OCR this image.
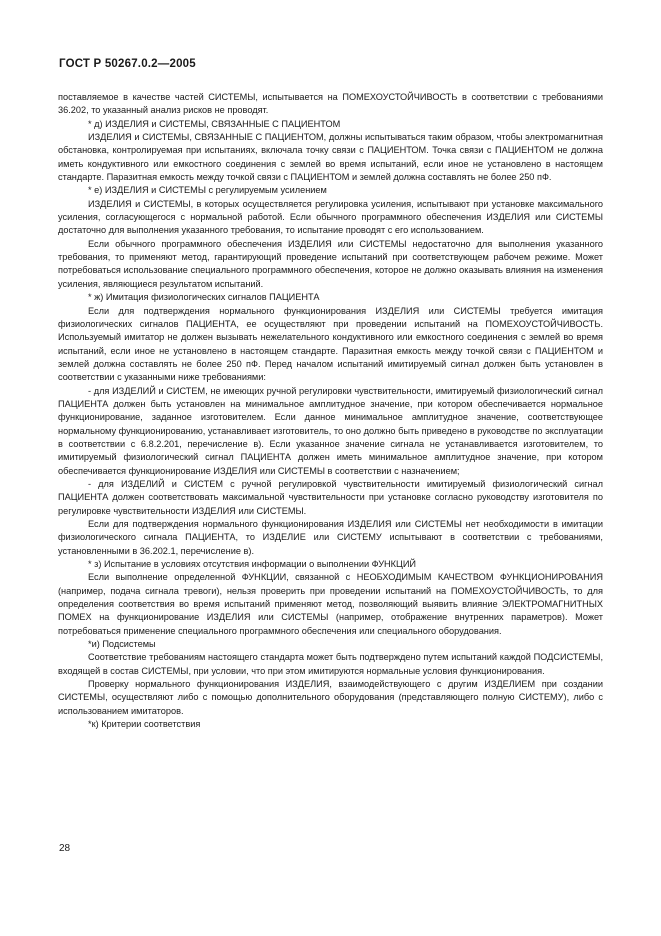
ГОСТ Р 50267.0.2—2005

поставляемое в качестве частей СИСТЕМЫ, испытывается на ПОМЕХОУСТОЙЧИВОСТЬ в соответствии с требованиями 36.202, то указанный анализ рисков не проводят.

* д) ИЗДЕЛИЯ и СИСТЕМЫ, СВЯЗАННЫЕ С ПАЦИЕНТОМ

ИЗДЕЛИЯ и СИСТЕМЫ, СВЯЗАННЫЕ С ПАЦИЕНТОМ, должны испытываться таким образом, чтобы электромагнитная обстановка, контролируемая при испытаниях, включала точку связи с ПАЦИЕНТОМ. Точка связи с ПАЦИЕНТОМ не должна иметь кондуктивного или емкостного соединения с землей во время испытаний, если иное не установлено в настоящем стандарте. Паразитная емкость между точкой связи с ПАЦИЕНТОМ и землей должна составлять не более 250 пФ.

* е) ИЗДЕЛИЯ и СИСТЕМЫ с регулируемым усилением

ИЗДЕЛИЯ и СИСТЕМЫ, в которых осуществляется регулировка усиления, испытывают при установке максимального усиления, согласующегося с нормальной работой. Если обычного программного обеспечения ИЗДЕЛИЯ или СИСТЕМЫ достаточно для выполнения указанного требования, то испытание проводят с его использованием.

Если обычного программного обеспечения ИЗДЕЛИЯ или СИСТЕМЫ недостаточно для выполнения указанного требования, то применяют метод, гарантирующий проведение испытаний при соответствующем рабочем режиме. Может потребоваться использование специального программного обеспечения, которое не должно оказывать влияния на изменения усиления, являющиеся результатом испытаний.

* ж) Имитация физиологических сигналов ПАЦИЕНТА

Если для подтверждения нормального функционирования ИЗДЕЛИЯ или СИСТЕМЫ требуется имитация физиологических сигналов ПАЦИЕНТА, ее осуществляют при проведении испытаний на ПОМЕХОУСТОЙЧИВОСТЬ. Используемый имитатор не должен вызывать нежелательного кондуктивного или емкостного соединения с землей во время испытаний, если иное не установлено в настоящем стандарте. Паразитная емкость между точкой связи с ПАЦИЕНТОМ и землей должна составлять не более 250 пФ. Перед началом испытаний имитируемый сигнал должен быть установлен в соответствии с указанными ниже требованиями:

- для ИЗДЕЛИЙ и СИСТЕМ, не имеющих ручной регулировки чувствительности, имитируемый физиологический сигнал ПАЦИЕНТА должен быть установлен на минимальное амплитудное значение, при котором обеспечивается нормальное функционирование, заданное изготовителем. Если данное минимальное амплитудное значение, соответствующее нормальному функционированию, устанавливает изготовитель, то оно должно быть приведено в руководстве по эксплуатации в соответствии с 6.8.2.201, перечисление в). Если указанное значение сигнала не устанавливается изготовителем, то имитируемый физиологический сигнал ПАЦИЕНТА должен иметь минимальное амплитудное значение, при котором обеспечивается функционирование ИЗДЕЛИЯ или СИСТЕМЫ в соответствии с назначением;

- для ИЗДЕЛИЙ и СИСТЕМ с ручной регулировкой чувствительности имитируемый физиологический сигнал ПАЦИЕНТА должен соответствовать максимальной чувствительности при установке согласно руководству изготовителя по регулировке чувствительности ИЗДЕЛИЯ или СИСТЕМЫ.

Если для подтверждения нормального функционирования ИЗДЕЛИЯ или СИСТЕМЫ нет необходимости в имитации физиологического сигнала ПАЦИЕНТА, то ИЗДЕЛИЕ или СИСТЕМУ испытывают в соответствии с требованиями, установленными в 36.202.1, перечисление в).

* з) Испытание в условиях отсутствия информации о выполнении ФУНКЦИЙ

Если выполнение определенной ФУНКЦИИ, связанной с НЕОБХОДИМЫМ КАЧЕСТВОМ ФУНКЦИОНИРОВАНИЯ (например, подача сигнала тревоги), нельзя проверить при проведении испытаний на ПОМЕХОУСТОЙЧИВОСТЬ, то для определения соответствия во время испытаний применяют метод, позволяющий выявить влияние ЭЛЕКТРОМАГНИТНЫХ ПОМЕХ на функционирование ИЗДЕЛИЯ или СИСТЕМЫ (например, отображение внутренних параметров). Может потребоваться применение специального программного обеспечения или специального оборудования.

*и) Подсистемы

Соответствие требованиям настоящего стандарта может быть подтверждено путем испытаний каждой ПОДСИСТЕМЫ, входящей в состав СИСТЕМЫ, при условии, что при этом имитируются нормальные условия функционирования.

Проверку нормального функционирования ИЗДЕЛИЯ, взаимодействующего с другим ИЗДЕЛИЕМ при создании СИСТЕМЫ, осуществляют либо с помощью дополнительного оборудования (представляющего полную СИСТЕМУ), либо с использованием имитаторов.

*к) Критерии соответствия

28
